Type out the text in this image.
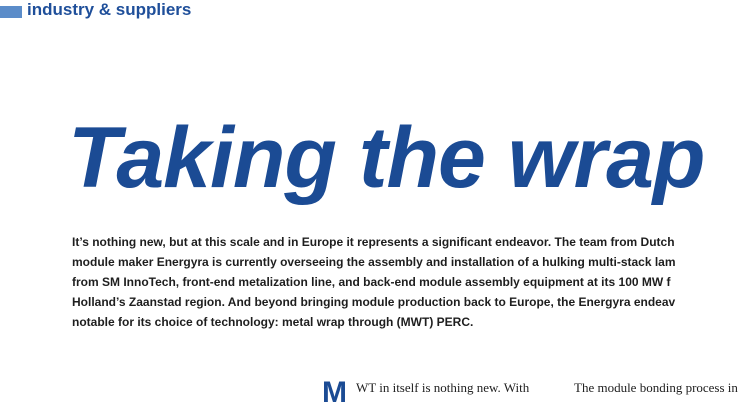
industry & suppliers
Taking the wrap
It’s nothing new, but at this scale and in Europe it represents a significant endeavor. The team from Dutch
module maker Energyra is currently overseeing the assembly and installation of a hulking multi-stack lam
from SM InnoTech, front-end metalization line, and back-end module assembly equipment at its 100 MW f
Holland’s Zaanstad region. And beyond bringing module production back to Europe, the Energyra endeav
notable for its choice of technology: metal wrap through (MWT) PERC.
M WT in itself is nothing new. With	The module bonding process in
